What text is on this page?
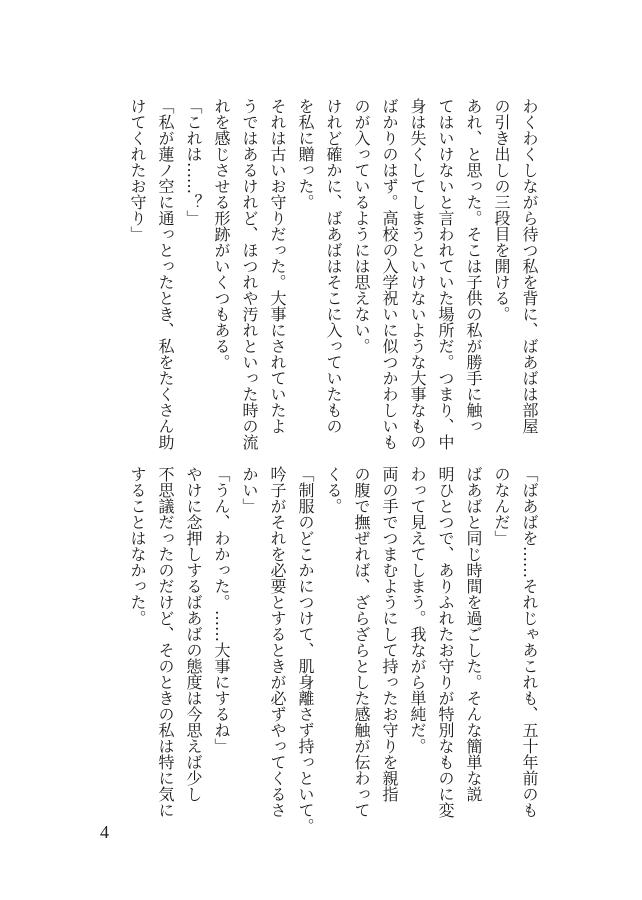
わくわくしながら待つ私を背に、ばあばは部屋
の引き出しの三段目を開ける。
あれ、と思った。そこは子供の私が勝手に触っ
てはいけないと言われていた場所だ。つまり、中
身は失くしてしまうといけないような大事なもの
ばかりのはず。高校の入学祝いに似つかわしいも
のが入っているようには思えない。
けれど確かに、ばあばはそこに入っていたもの
を私に贈った。
それは古いお守りだった。大事にされていたよ
うではあるけれど、ほつれや汚れといった時の流
れを感じさせる形跡がいくつもある。
「これは……？」
「私が蓮ノ空に通っとったとき、私をたくさん助
けてくれたお守り」
「ばあばを……それじゃあこれも、五十年前のも
のなんだ」
ばあばと同じ時間を過ごした。そんな簡単な説
明ひとつで、ありふれたお守りが特別なものに変
わって見えてしまう。我ながら単純だ。
両の手でつまむようにして持ったお守りを親指
の腹で撫ぜれば、ざらざらとした感触が伝わって
くる。
「制服のどこかにつけて、肌身離さず持っといて。
吟子がそれを必要とするときが必ずやってくるさ
かい」
「うん、わかった。……大事にするね」
やけに念押しするばあばの態度は今思えば少し
不思議だったのだけど、そのときの私は特に気に
することはなかった。
4
